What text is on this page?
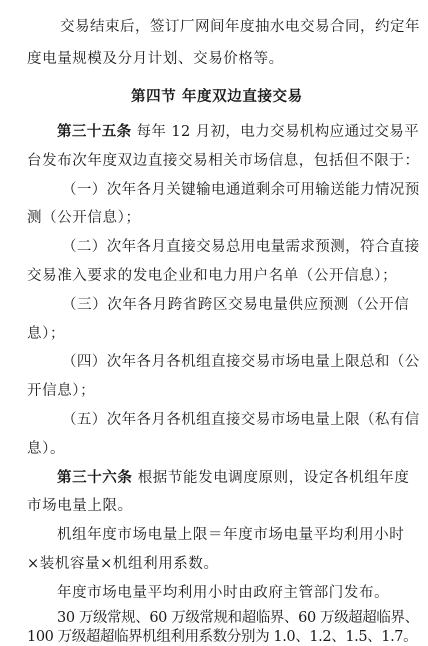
交易结束后，签订厂网间年度抽水电交易合同，约定年
度电量规模及分月计划、交易价格等。
第四节 年度双边直接交易
第三十五条 每年 12 月初，电力交易机构应通过交易平
台发布次年度双边直接交易相关市场信息，包括但不限于：
（一）次年各月关键输电通道剩余可用输送能力情况预
测（公开信息）；
（二）次年各月直接交易总用电量需求预测，符合直接
交易准入要求的发电企业和电力用户名单（公开信息）；
（三）次年各月跨省跨区交易电量供应预测（公开信
息）；
（四）次年各月各机组直接交易市场电量上限总和（公
开信息）；
（五）次年各月各机组直接交易市场电量上限（私有信
息）。
第三十六条 根据节能发电调度原则，设定各机组年度
市场电量上限。
机组年度市场电量上限＝年度市场电量平均利用小时
×装机容量×机组利用系数。
年度市场电量平均利用小时由政府主管部门发布。
30 万级常规、60 万级常规和超临界、60 万级超超临界、
100 万级超超临界机组利用系数分别为 1.0、1.2、1.5、1.7。
